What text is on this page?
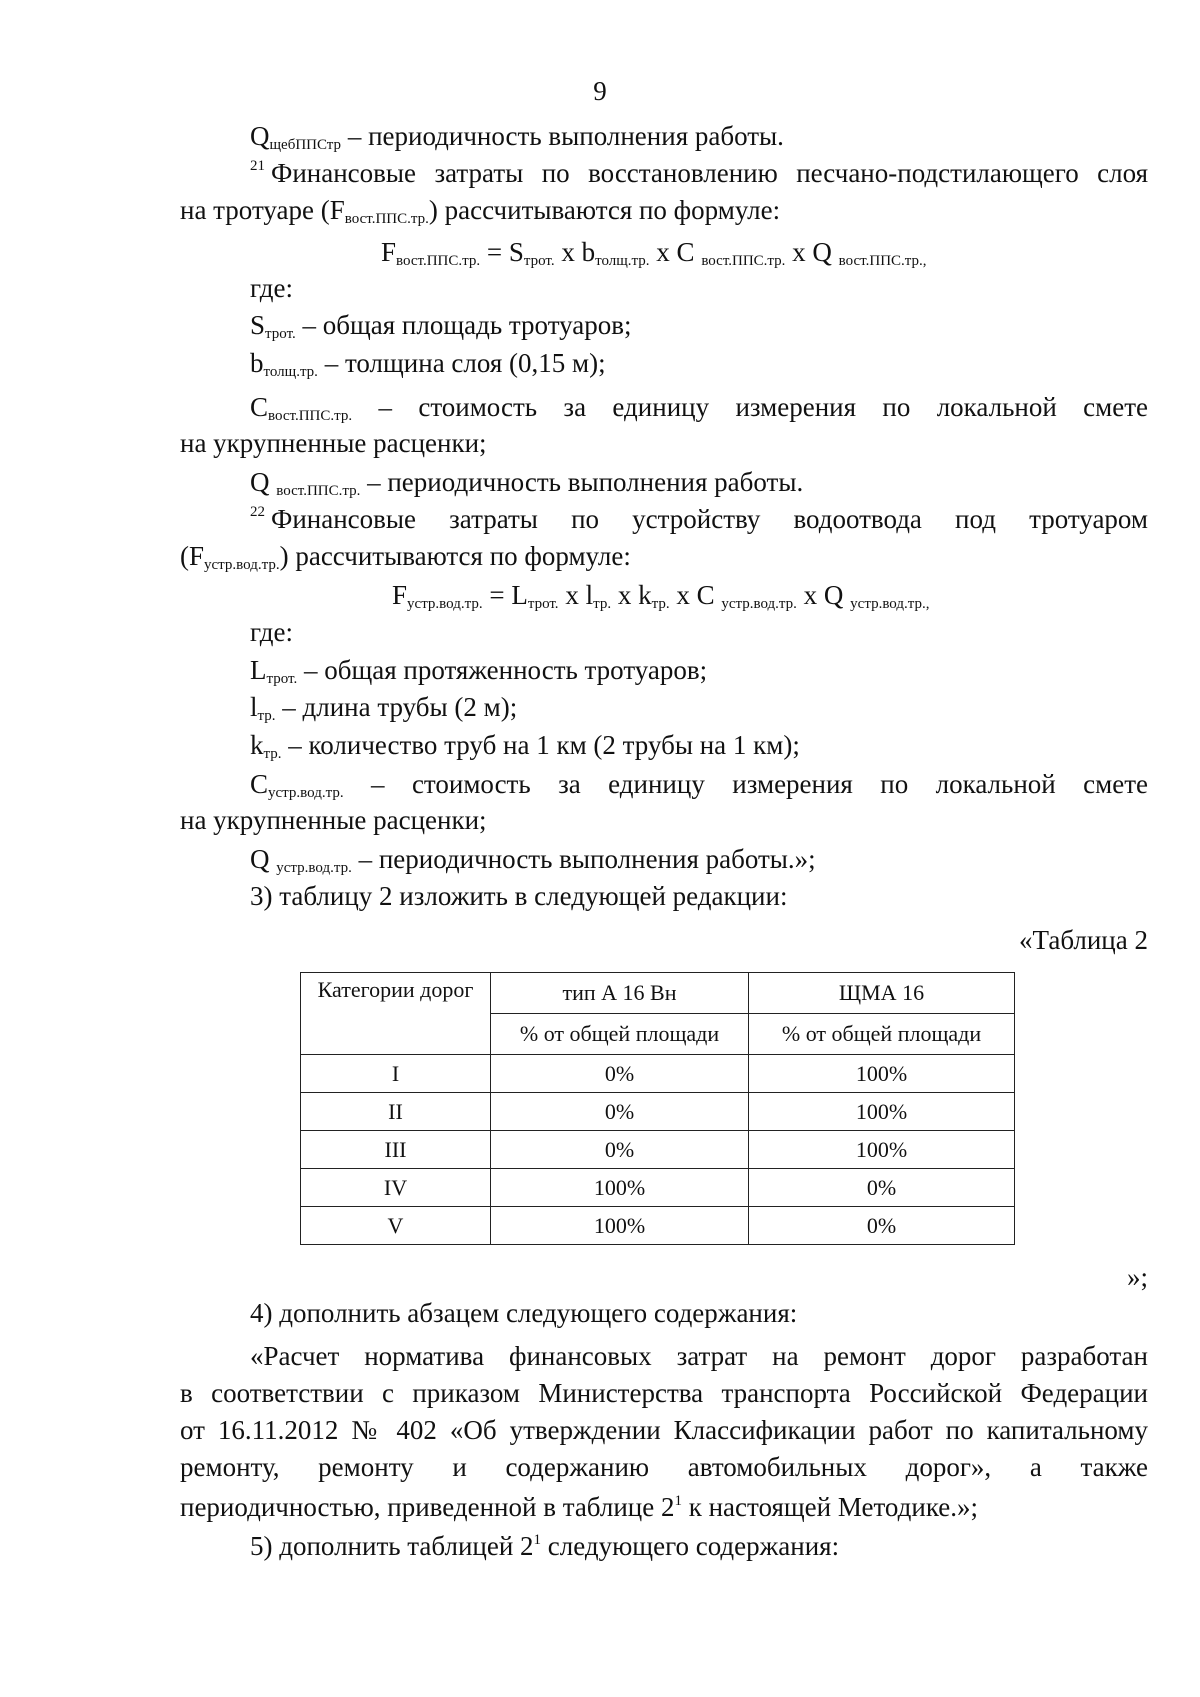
9
$Q_{щебППСтр}$ – периодичность выполнения работы.
$^{21}$ Финансовые затраты по восстановлению песчано-подстилающего слоя
на тротуаре $(F_{вост.ППС.тр.})$ рассчитываются по формуле:
$F_{вост.ППС.тр.} = S_{трот.}$ x $b_{толщ.тр.}$ x C $_{вост.ППС.тр.}$ x Q $_{вост.ППС.тр.,}$
где:
$S_{трот.}$ – общая площадь тротуаров;
$b_{толщ.тр.}$ – толщина слоя (0,15 м);
$C_{вост.ППС.тр.}$ – стоимость за единицу измерения по локальной смете
на укрупненные расценки;
Q $_{вост.ППС.тр.}$ – периодичность выполнения работы.
$^{22}$ Финансовые затраты по устройству водоотвода под тротуаром
$(F_{устр.вод.тр.})$ рассчитываются по формуле:
$F_{устр.вод.тр.} = L_{трот.}$ x $l_{тр.}$ x $k_{тр.}$ x C $_{устр.вод.тр.}$ x Q $_{устр.вод.тр.,}$
где:
$L_{трот.}$ – общая протяженность тротуаров;
$l_{тр.}$ – длина трубы (2 м);
$k_{тр.}$ – количество труб на 1 км (2 трубы на 1 км);
$C_{устр.вод.тр.}$ – стоимость за единицу измерения по локальной смете
на укрупненные расценки;
Q $_{устр.вод.тр.}$ – периодичность выполнения работы.»;
3) таблицу 2 изложить в следующей редакции:
«Таблица 2
Категории дорог	тип А 16 Вн	ЩМА 16
	% от общей площади	% от общей площади
I	0%	100%
II	0%	100%
III	0%	100%
IV	100%	0%
V	100%	0%
»;
4) дополнить абзацем следующего содержания:
«Расчет норматива финансовых затрат на ремонт дорог разработан
в соответствии с приказом Министерства транспорта Российской Федерации
от 16.11.2012 № 402 «Об утверждении Классификации работ по капитальному
ремонту, ремонту и содержанию автомобильных дорог», а также
периодичностью, приведенной в таблице $2^1$ к настоящей Методике.»;
5) дополнить таблицей $2^1$ следующего содержания:
